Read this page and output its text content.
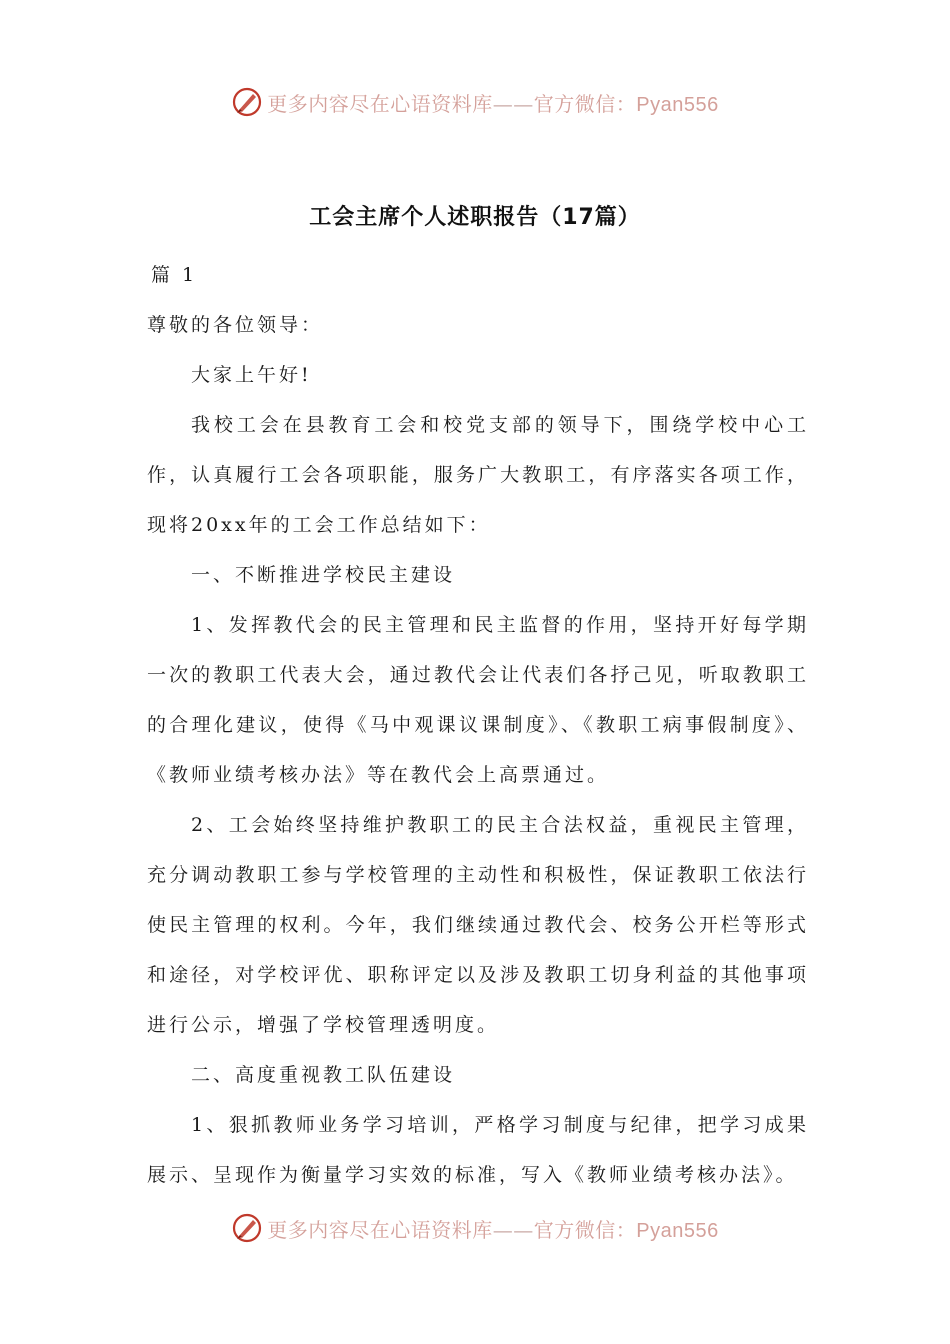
更多内容尽在心语资料库——官方微信：Pyan556
工会主席个人述职报告（17篇）

篇 1

尊敬的各位领导：

大家上午好!

我校工会在县教育工会和校党支部的领导下，围绕学校中心工作，认真履行工会各项职能，服务广大教职工，有序落实各项工作，现将20xx年的工会工作总结如下：

一、不断推进学校民主建设

1、发挥教代会的民主管理和民主监督的作用，坚持开好每学期一次的教职工代表大会，通过教代会让代表们各抒己见，听取教职工的合理化建议，使得《马中观课议课制度》、《教职工病事假制度》、《教师业绩考核办法》等在教代会上高票通过。

2、工会始终坚持维护教职工的民主合法权益，重视民主管理，充分调动教职工参与学校管理的主动性和积极性，保证教职工依法行使民主管理的权利。今年，我们继续通过教代会、校务公开栏等形式和途径，对学校评优、职称评定以及涉及教职工切身利益的其他事项进行公示，增强了学校管理透明度。

二、高度重视教工队伍建设

1、狠抓教师业务学习培训，严格学习制度与纪律，把学习成果展示、呈现作为衡量学习实效的标准，写入《教师业绩考核办法》。

更多内容尽在心语资料库——官方微信：Pyan556
